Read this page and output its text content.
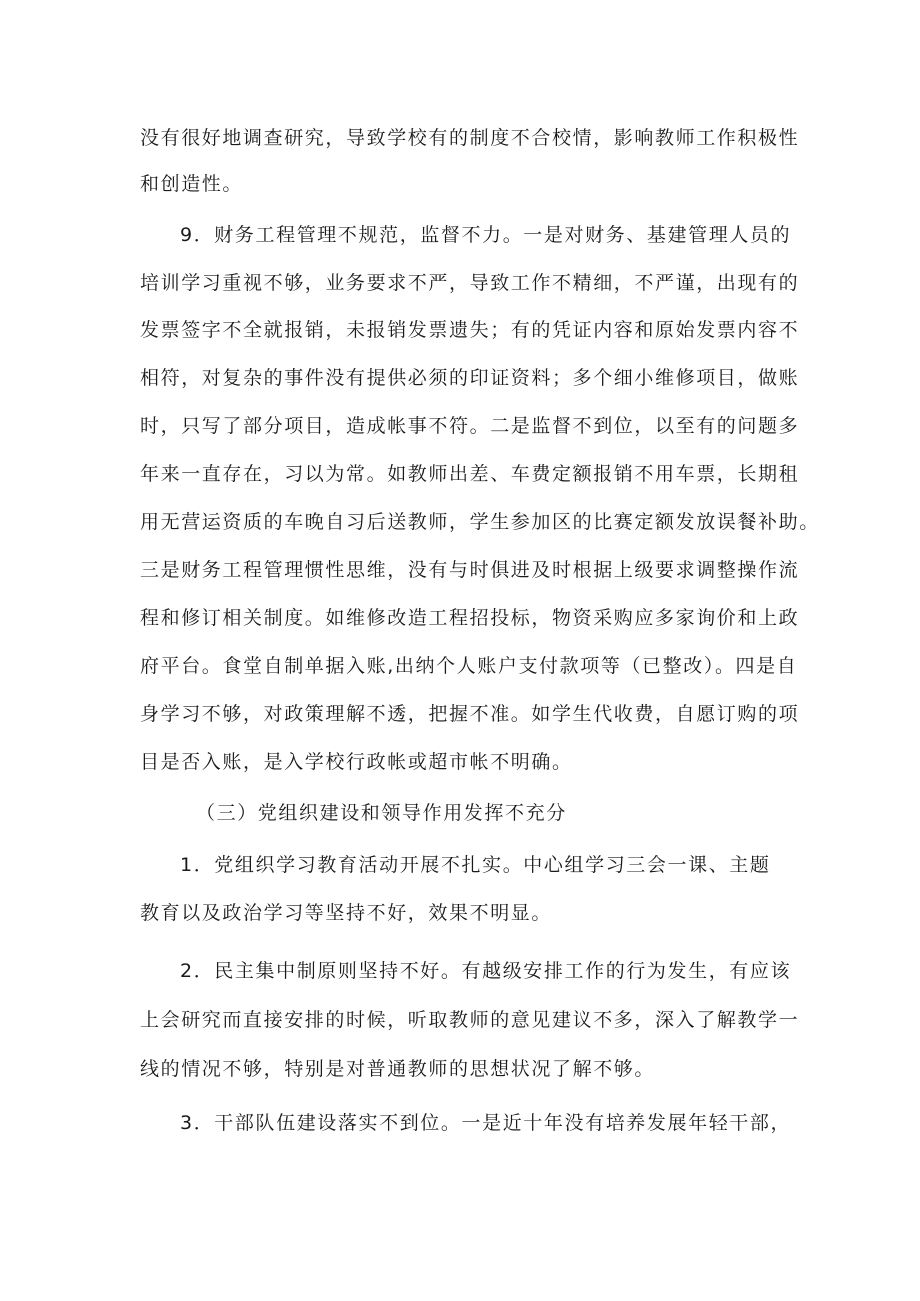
没有很好地调查研究，导致学校有的制度不合校情，影响教师工作积极性
和创造性。
9．财务工程管理不规范，监督不力。一是对财务、基建管理人员的
培训学习重视不够，业务要求不严，导致工作不精细，不严谨，出现有的
发票签字不全就报销，未报销发票遗失；有的凭证内容和原始发票内容不
相符，对复杂的事件没有提供必须的印证资料；多个细小维修项目，做账
时，只写了部分项目，造成帐事不符。二是监督不到位，以至有的问题多
年来一直存在，习以为常。如教师出差、车费定额报销不用车票，长期租
用无营运资质的车晚自习后送教师，学生参加区的比赛定额发放误餐补助。
三是财务工程管理惯性思维，没有与时俱进及时根据上级要求调整操作流
程和修订相关制度。如维修改造工程招投标，物资采购应多家询价和上政
府平台。食堂自制单据入账,出纳个人账户支付款项等（已整改）。四是自
身学习不够，对政策理解不透，把握不准。如学生代收费，自愿订购的项
目是否入账，是入学校行政帐或超市帐不明确。
（三）党组织建设和领导作用发挥不充分
1．党组织学习教育活动开展不扎实。中心组学习三会一课、主题
教育以及政治学习等坚持不好，效果不明显。
2．民主集中制原则坚持不好。有越级安排工作的行为发生，有应该
上会研究而直接安排的时候，听取教师的意见建议不多，深入了解教学一
线的情况不够，特别是对普通教师的思想状况了解不够。
3．干部队伍建设落实不到位。一是近十年没有培养发展年轻干部，
